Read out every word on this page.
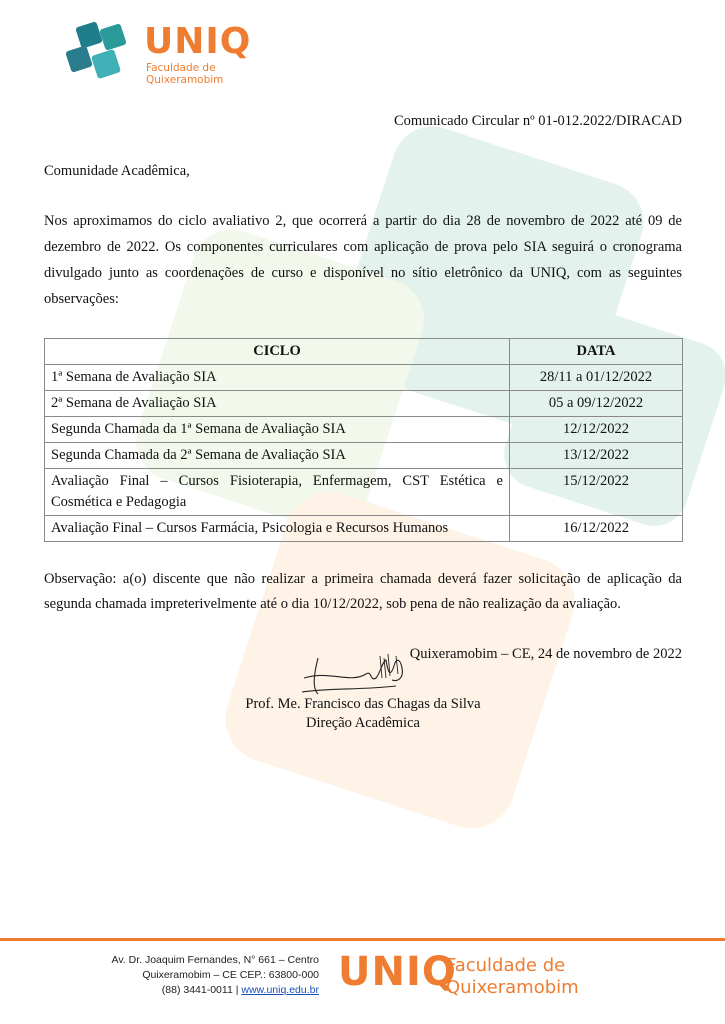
UNIQ
Faculdade de
Quixeramobim
Comunicado Circular nº 01-012.2022/DIRACAD
Comunidade Acadêmica,

Nos aproximamos do ciclo avaliativo 2, que ocorrerá a partir do dia 28 de novembro de 2022 até 09 de dezembro de 2022. Os componentes curriculares com aplicação de prova pelo SIA seguirá o cronograma divulgado junto as coordenações de curso e disponível no sítio eletrônico da UNIQ, com as seguintes observações:

CICLO	DATA
1ª Semana de Avaliação SIA	28/11 a 01/12/2022
2ª Semana de Avaliação SIA	05 a 09/12/2022
Segunda Chamada da 1ª Semana de Avaliação SIA	12/12/2022
Segunda Chamada da 2ª Semana de Avaliação SIA	13/12/2022
Avaliação Final – Cursos Fisioterapia, Enfermagem, CST Estética e Cosmética e Pedagogia	15/12/2022
Avaliação Final – Cursos Farmácia, Psicologia e Recursos Humanos	16/12/2022

Observação: a(o) discente que não realizar a primeira chamada deverá fazer solicitação de aplicação da segunda chamada impreterivelmente até o dia 10/12/2022, sob pena de não realização da avaliação.

Quixeramobim – CE, 24 de novembro de 2022
Prof. Me. Francisco das Chagas da Silva
Direção Acadêmica
Av. Dr. Joaquim Fernandes, N° 661 – Centro
Quixeramobim – CE CEP.: 63800-000
(88) 3441-0011 | www.uniq.edu.br UNIQ
Faculdade de
Quixeramobim
